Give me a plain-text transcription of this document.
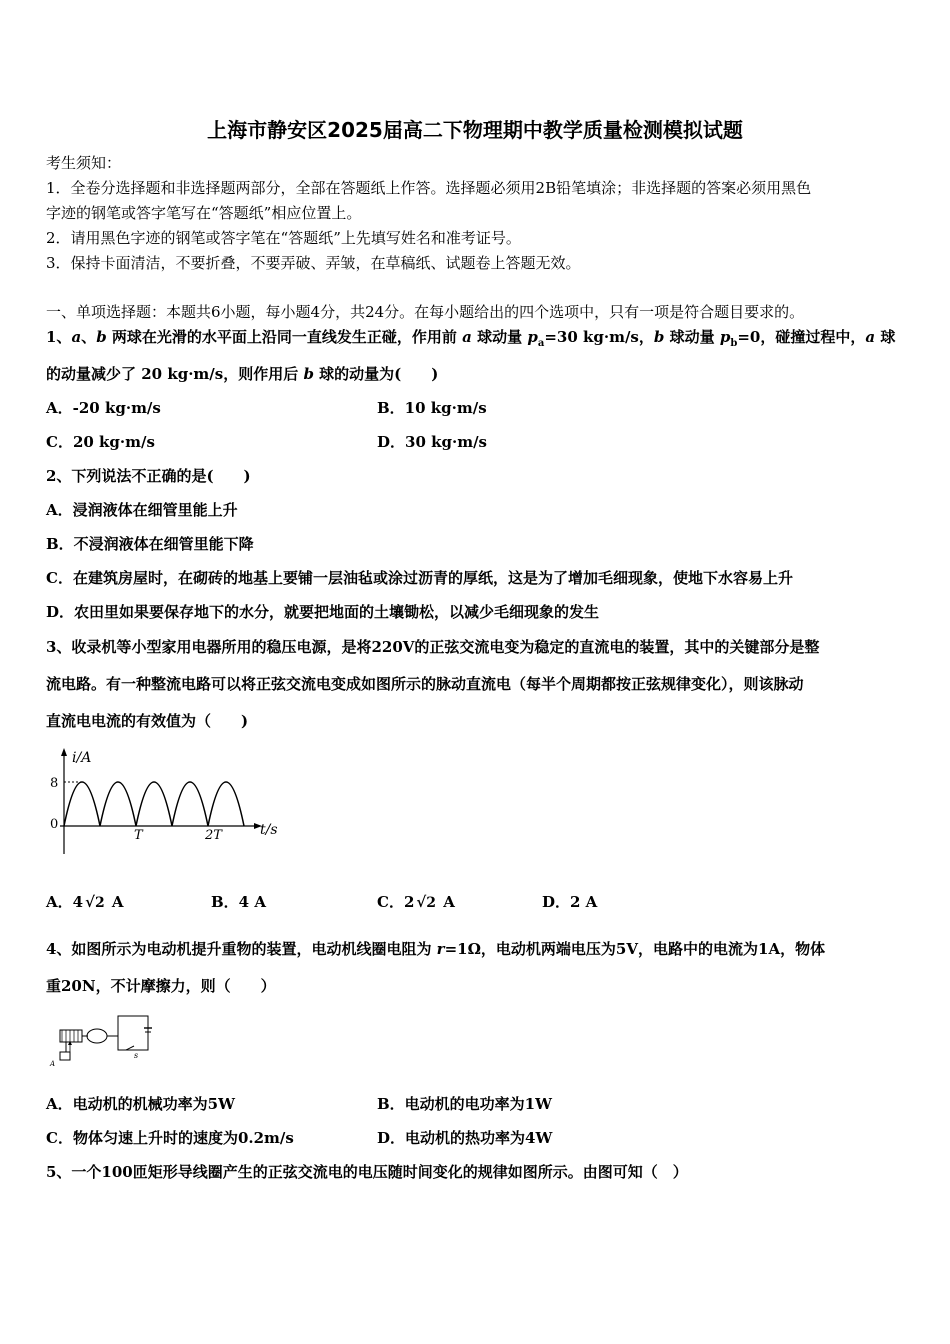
上海市静安区2025届高二下物理期中教学质量检测模拟试题
考生须知：
1．全卷分选择题和非选择题两部分，全部在答题纸上作答。选择题必须用2B铅笔填涂；非选择题的答案必须用黑色
字迹的钢笔或答字笔写在“答题纸”相应位置上。
2．请用黑色字迹的钢笔或答字笔在“答题纸”上先填写姓名和准考证号。
3．保持卡面清洁，不要折叠，不要弄破、弄皱，在草稿纸、试题卷上答题无效。
一、单项选择题：本题共6小题，每小题4分，共24分。在每小题给出的四个选项中，只有一项是符合题目要求的。
1、a、b 两球在光滑的水平面上沿同一直线发生正碰，作用前 a 球动量 $p_a=30$ kg·m/s，b 球动量 $p_b=0$，碰撞过程中，a 球
的动量减少了 20 kg·m/s，则作用后 b 球的动量为(　　)
A．-20 kg·m/s	B．10 kg·m/s
C．20 kg·m/s	D．30 kg·m/s
2、下列说法不正确的是(　　)
A．浸润液体在细管里能上升
B．不浸润液体在细管里能下降
C．在建筑房屋时，在砌砖的地基上要铺一层油毡或涂过沥青的厚纸，这是为了增加毛细现象，使地下水容易上升
D．农田里如果要保存地下的水分，就要把地面的土壤锄松，以减少毛细现象的发生
3、收录机等小型家用电器所用的稳压电源，是将220V的正弦交流电变为稳定的直流电的装置，其中的关键部分是整
流电路。有一种整流电路可以将正弦交流电变成如图所示的脉动直流电（每半个周期都按正弦规律变化），则该脉动
直流电电流的有效值为（　　)
i/A
t/s
8
0
T	2T
A．4 √2 A	B．4 A	C．2 √2 A	D．2 A
4、如图所示为电动机提升重物的装置，电动机线圈电阻为 r=1Ω，电动机两端电压为5V，电路中的电流为1A，物体
重20N，不计摩擦力，则（　　）
s
A
A．电动机的机械功率为5W	B．电动机的电功率为1W
C．物体匀速上升时的速度为0.2m/s	D．电动机的热功率为4W
5、一个100匝矩形导线圈产生的正弦交流电的电压随时间变化的规律如图所示。由图可知（　）
